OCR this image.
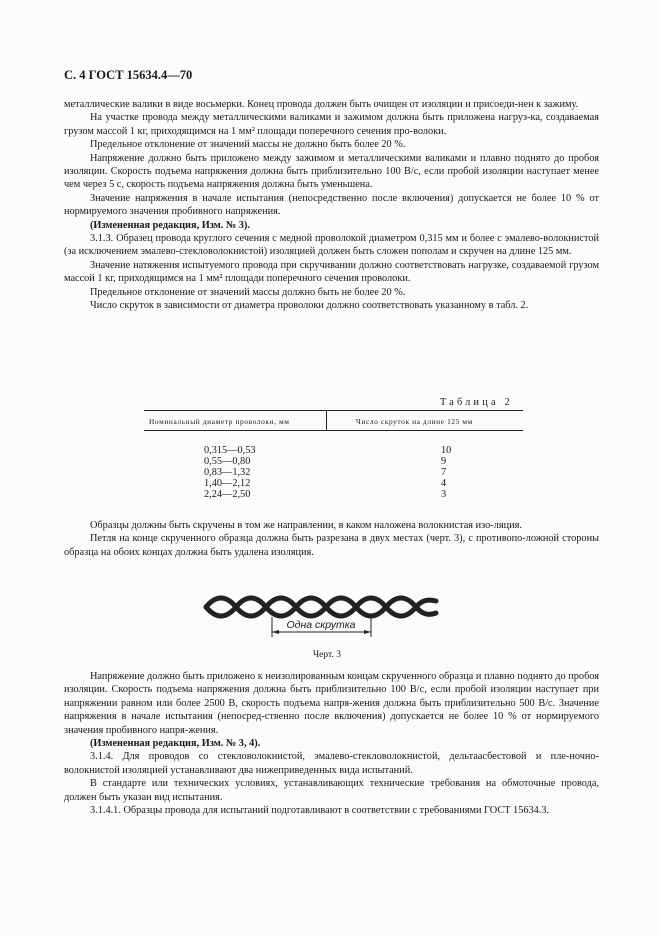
С. 4 ГОСТ 15634.4—70

металлические валики в виде восьмерки. Конец провода должен быть очищен от изоляции и присоеди-нен к зажиму.

На участке провода между металлическими валиками и зажимом должна быть приложена нагруз-ка, создаваемая грузом массой 1 кг, приходящимся на 1 мм² площади поперечного сечения про-волоки.

Предельное отклонение от значений массы не должно быть более 20 %.

Напряжение должно быть приложено между зажимом и металлическими валиками и плавно поднято до пробоя изоляции. Скорость подъема напряжения должна быть приблизительно 100 В/с, если пробой изоляции наступает менее чем через 5 с, скорость подъема напряжения должна быть уменьшена.

Значение напряжения в начале испытания (непосредственно после включения) допускается не более 10 % от нормируемого значения пробивного напряжения.

(Измененная редакция, Изм. № 3).

3.1.3. Образец провода круглого сечения с медной проволокой диаметром 0,315 мм и более с эмалево-волокнистой (за исключением эмалево-стекловолокнистой) изоляцией должен быть сложен пополам и скручен на длине 125 мм.

Значение натяжения испытуемого провода при скручивании должно соответствовать нагрузке, создаваемой грузом массой 1 кг, приходящимся на 1 мм² площади поперечного сечения проволоки.

Предельное отклонение от значений массы должно быть не более 20 %.

Число скруток в зависимости от диаметра проволоки должно соответствовать указанному в табл. 2.

Таблица 2
Номинальный диаметр проволоки, мм	Число скруток на длине 125 мм
0,315—0,53	10
0,55—0,80	9
0,83—1,32	7
1,40—2,12	4
2,24—2,50	3

Образцы должны быть скручены в том же направлении, в каком наложена волокнистая изо-ляция.

Петля на конце скрученного образца должна быть разрезана в двух местах (черт. 3), с противопо-ложной стороны образца на обоих концах должна быть удалена изоляция.

Одна скрутка
Черт. 3

Напряжение должно быть приложено к неизолированным концам скрученного образца и плавно поднято до пробоя изоляции. Скорость подъема напряжения должна быть приблизительно 100 В/с, если пробой изоляции наступает при напряжении равном или более 2500 В, скорость подъема напря-жения должна быть приблизительно 500 В/с. Значение напряжения в начале испытания (непосред-ственно после включения) допускается не более 10 % от нормируемого значения пробивного напря-жения.

(Измененная редакция, Изм. № 3, 4).

3.1.4. Для проводов со стекловолокнистой, эмалево-стекловолокнистой, дельтаасбестовой и пле-ночно-волокнистой изоляцией устанавливают два нижеприведенных вида испытаний.

В стандарте или технических условиях, устанавливающих технические требования на обмоточные провода, должен быть указан вид испытания.

3.1.4.1. Образцы провода для испытаний подготавливают в соответствии с требованиями ГОСТ 15634.3.
